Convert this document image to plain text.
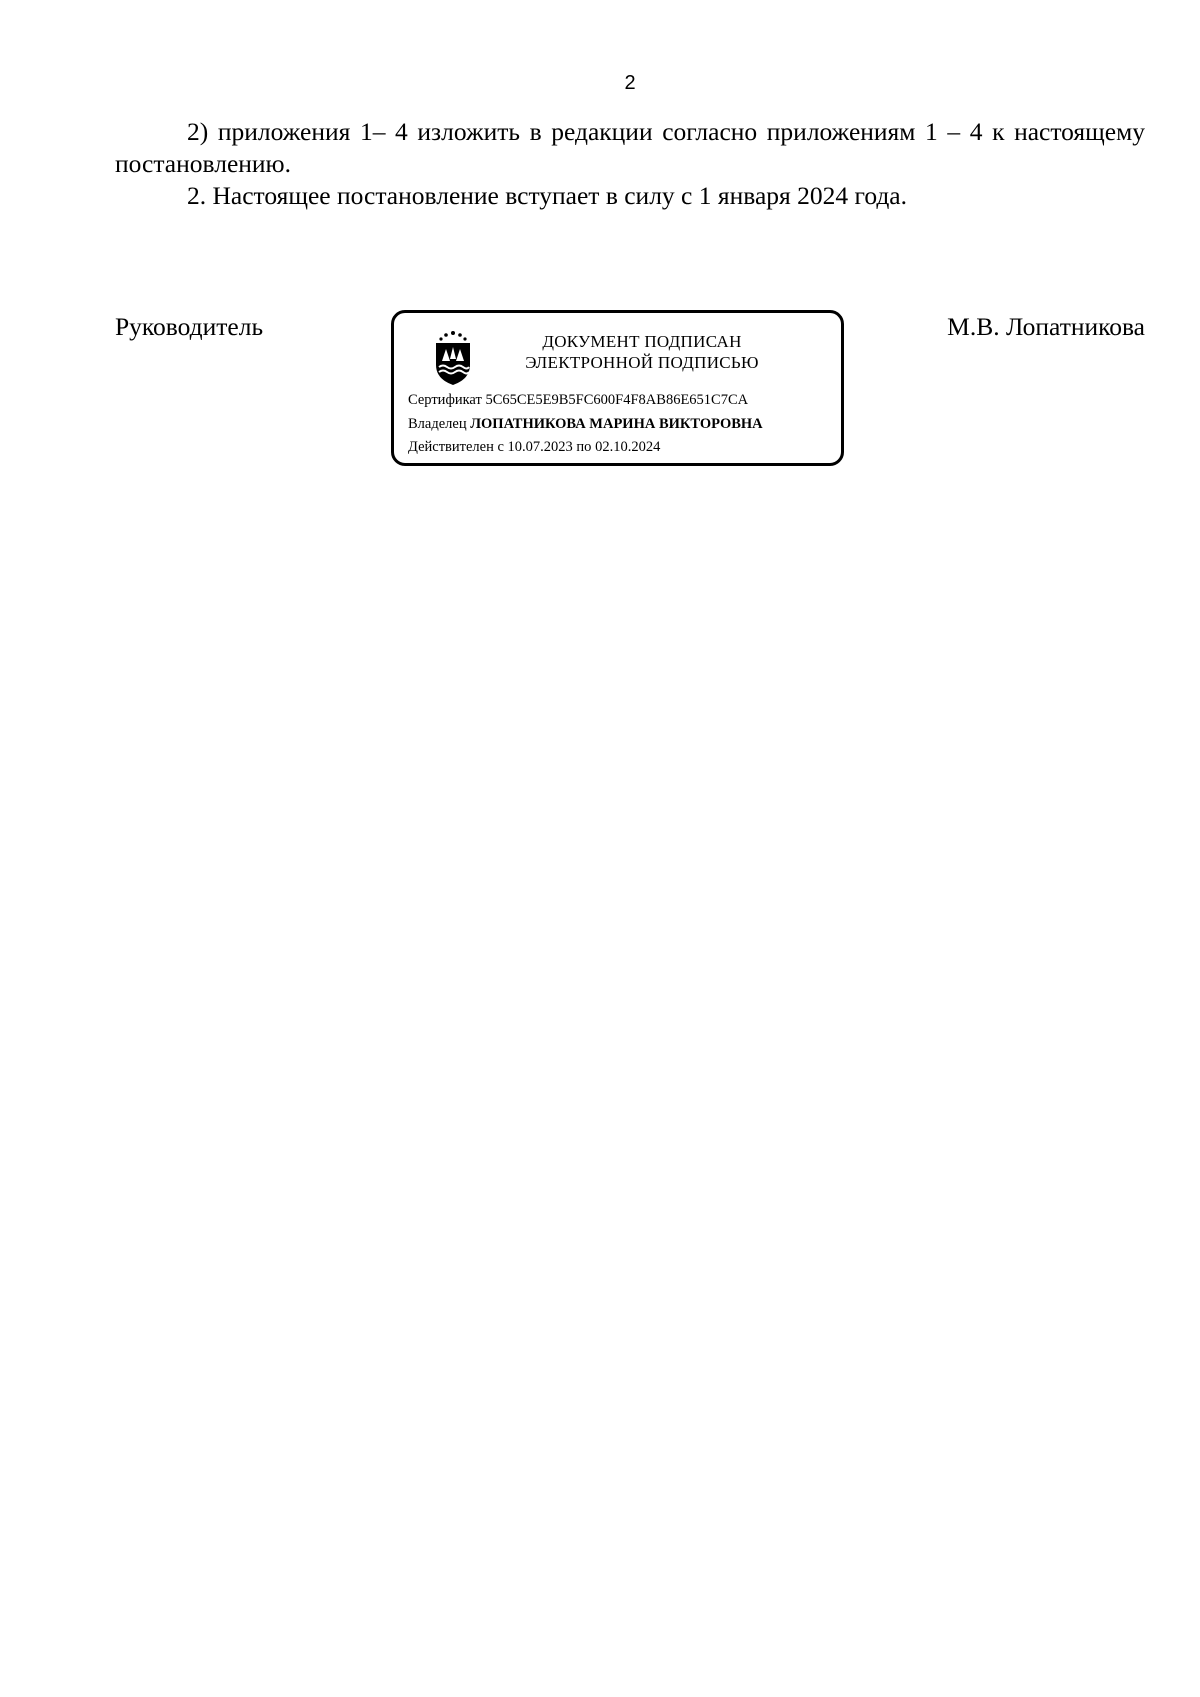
2

2) приложения 1– 4 изложить в редакции согласно приложениям 1 – 4 к настоящему постановлению.

2. Настоящее постановление вступает в силу с 1 января 2024 года.

Руководитель	М.В. Лопатникова
ДОКУМЕНТ ПОДПИСАН
ЭЛЕКТРОННОЙ ПОДПИСЬЮ
Сертификат 5C65CE5E9B5FC600F4F8AB86E651C7CA
Владелец ЛОПАТНИКОВА МАРИНА ВИКТОРОВНА
Действителен с 10.07.2023 по 02.10.2024
